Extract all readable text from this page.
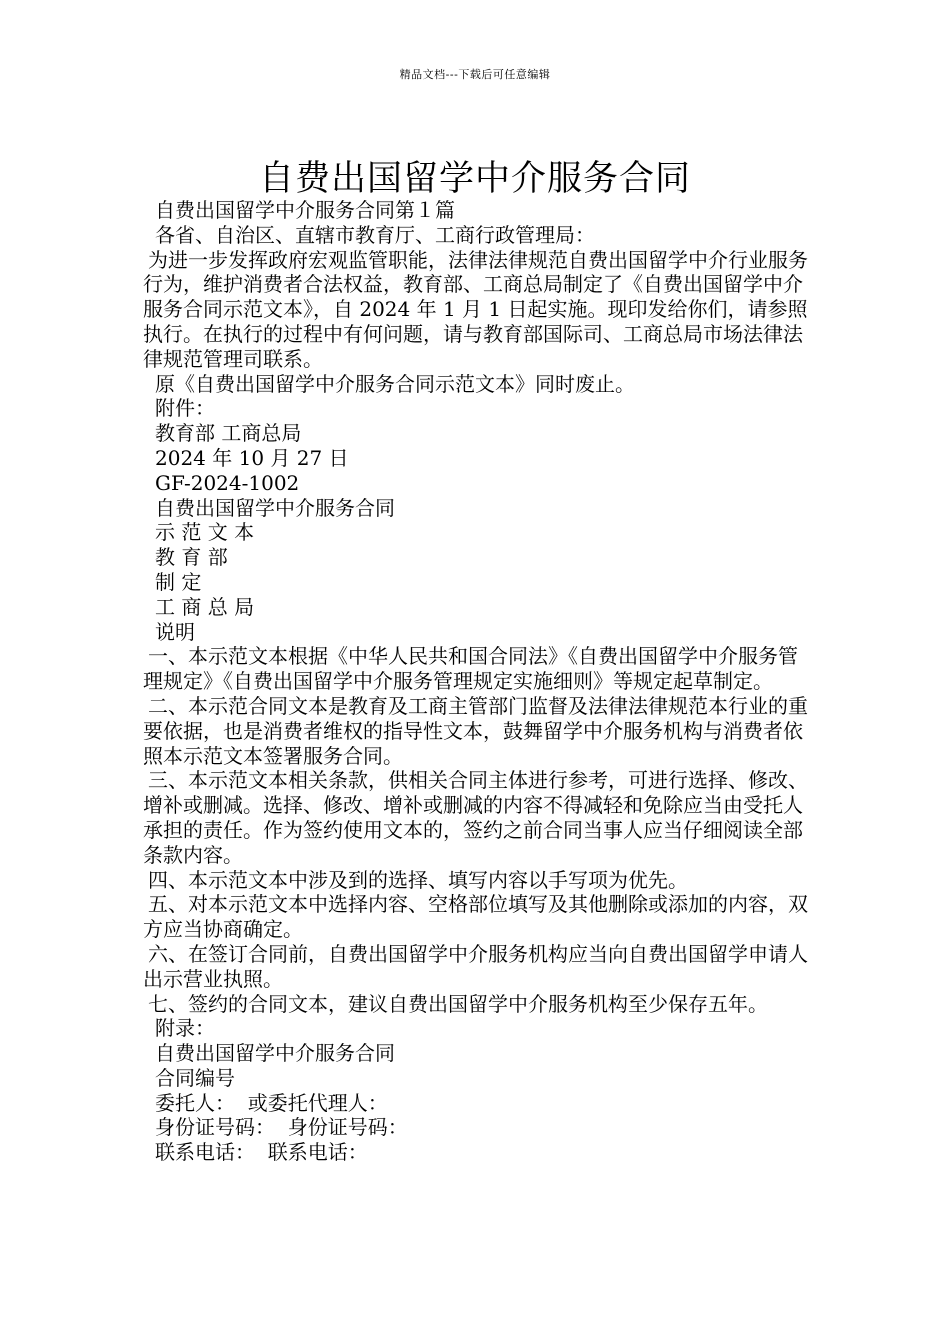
精品文档---下载后可任意编辑
自费出国留学中介服务合同

自费出国留学中介服务合同第１篇

各省、自治区、直辖市教育厅、工商行政管理局：

为进一步发挥政府宏观监管职能，法律法律规范自费出国留学中介行业服务行为，维护消费者合法权益，教育部、工商总局制定了《自费出国留学中介服务合同示范文本》，自 2024 年 1 月 1 日起实施。现印发给你们，请参照执行。在执行的过程中有何问题，请与教育部国际司、工商总局市场法律法律规范管理司联系。

原《自费出国留学中介服务合同示范文本》同时废止。

附件：

教育部 工商总局

2024 年 10 月 27 日

GF-2024-1002

自费出国留学中介服务合同

示 范 文 本

教 育 部

制 定

工 商 总 局

说明

一、本示范文本根据《中华人民共和国合同法》《自费出国留学中介服务管理规定》《自费出国留学中介服务管理规定实施细则》等规定起草制定。

二、本示范合同文本是教育及工商主管部门监督及法律法律规范本行业的重要依据，也是消费者维权的指导性文本，鼓舞留学中介服务机构与消费者依照本示范文本签署服务合同。

三、本示范文本相关条款，供相关合同主体进行参考，可进行选择、修改、增补或删减。选择、修改、增补或删减的内容不得减轻和免除应当由受托人承担的责任。作为签约使用文本的，签约之前合同当事人应当仔细阅读全部条款内容。

四、本示范文本中涉及到的选择、填写内容以手写项为优先。

五、对本示范文本中选择内容、空格部位填写及其他删除或添加的内容，双方应当协商确定。

六、在签订合同前，自费出国留学中介服务机构应当向自费出国留学申请人出示营业执照。

七、签约的合同文本，建议自费出国留学中介服务机构至少保存五年。

附录：

自费出国留学中介服务合同

合同编号

委托人：  或委托代理人：

身份证号码：  身份证号码：

联系电话：  联系电话：
